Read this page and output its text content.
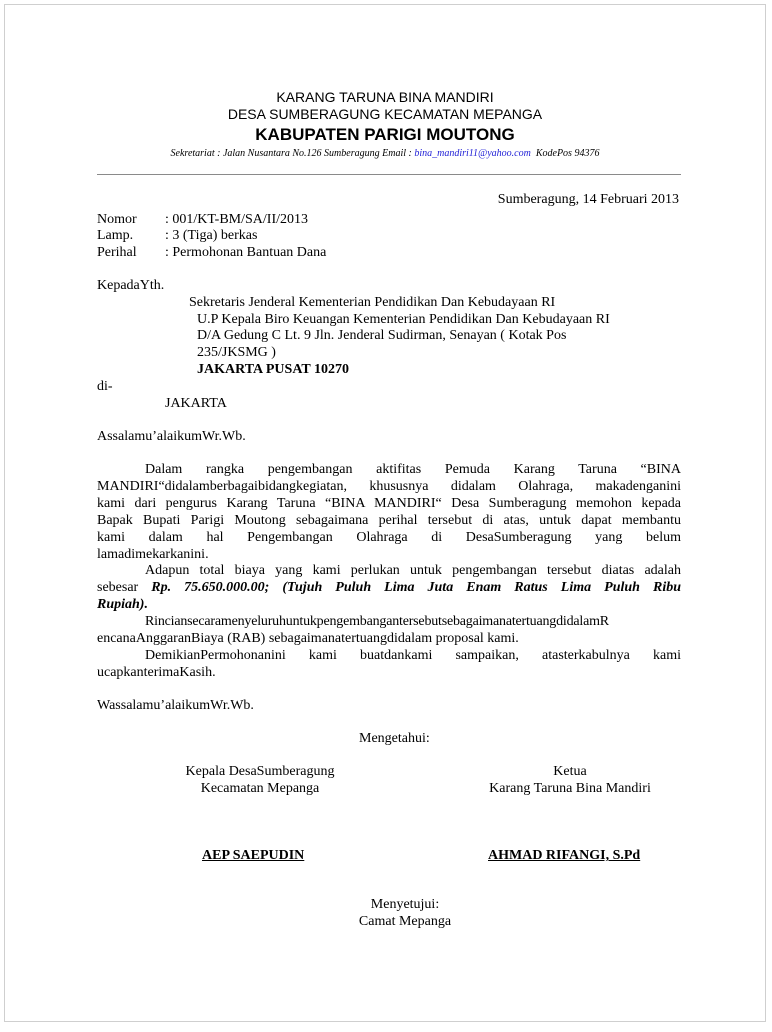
KARANG TARUNA BINA MANDIRI
DESA SUMBERAGUNG KECAMATAN MEPANGA
KABUPATEN PARIGI MOUTONG
Sekretariat : Jalan Nusantara No.126 Sumberagung Email : bina_mandiri11@yahoo.com KodePos 94376
Sumberagung, 14 Februari 2013
Nomor : 001/KT-BM/SA/II/2013
Lamp. : 3 (Tiga) berkas
Perihal : Permohonan Bantuan Dana
KepadaYth.
Sekretaris Jenderal Kementerian Pendidikan Dan Kebudayaan RI
U.P Kepala Biro Keuangan Kementerian Pendidikan Dan Kebudayaan RI
D/A Gedung C Lt. 9 Jln. Jenderal Sudirman, Senayan ( Kotak Pos
235/JKSMG )
JAKARTA PUSAT 10270
di-
JAKARTA
Assalamu’alaikumWr.Wb.
Dalam rangka pengembangan aktifitas Pemuda Karang Taruna “BINA
MANDIRI“didalamberbagaibidangkegiatan, khususnya didalam Olahraga, makadenganini
kami dari pengurus Karang Taruna “BINA MANDIRI“ Desa Sumberagung memohon kepada
Bapak Bupati Parigi Moutong sebagaimana perihal tersebut di atas, untuk dapat membantu
kami dalam hal Pengembangan Olahraga di DesaSumberagung yang belum
lamadimekarkanini.
Adapun total biaya yang kami perlukan untuk pengembangan tersebut diatas adalah
sebesar Rp. 75.650.000.00; (Tujuh Puluh Lima Juta Enam Ratus Lima Puluh Ribu
Rupiah).
RinciansecaramenyeluruhuntukpengembangantersebutsebagaimanatertuangdidalamR
encanaAnggaranBiaya (RAB) sebagaimanatertuangdidalam proposal kami.
DemikianPermohonanini kami buatdankami sampaikan, atasterkabulnya kami
ucapkanterimaKasih.
Wassalamu’alaikumWr.Wb.
Mengetahui:
Kepala DesaSumberagung
Kecamatan Mepanga
Ketua
Karang Taruna Bina Mandiri
AEP SAEPUDIN	AHMAD RIFANGI, S.Pd
Menyetujui:
Camat Mepanga
